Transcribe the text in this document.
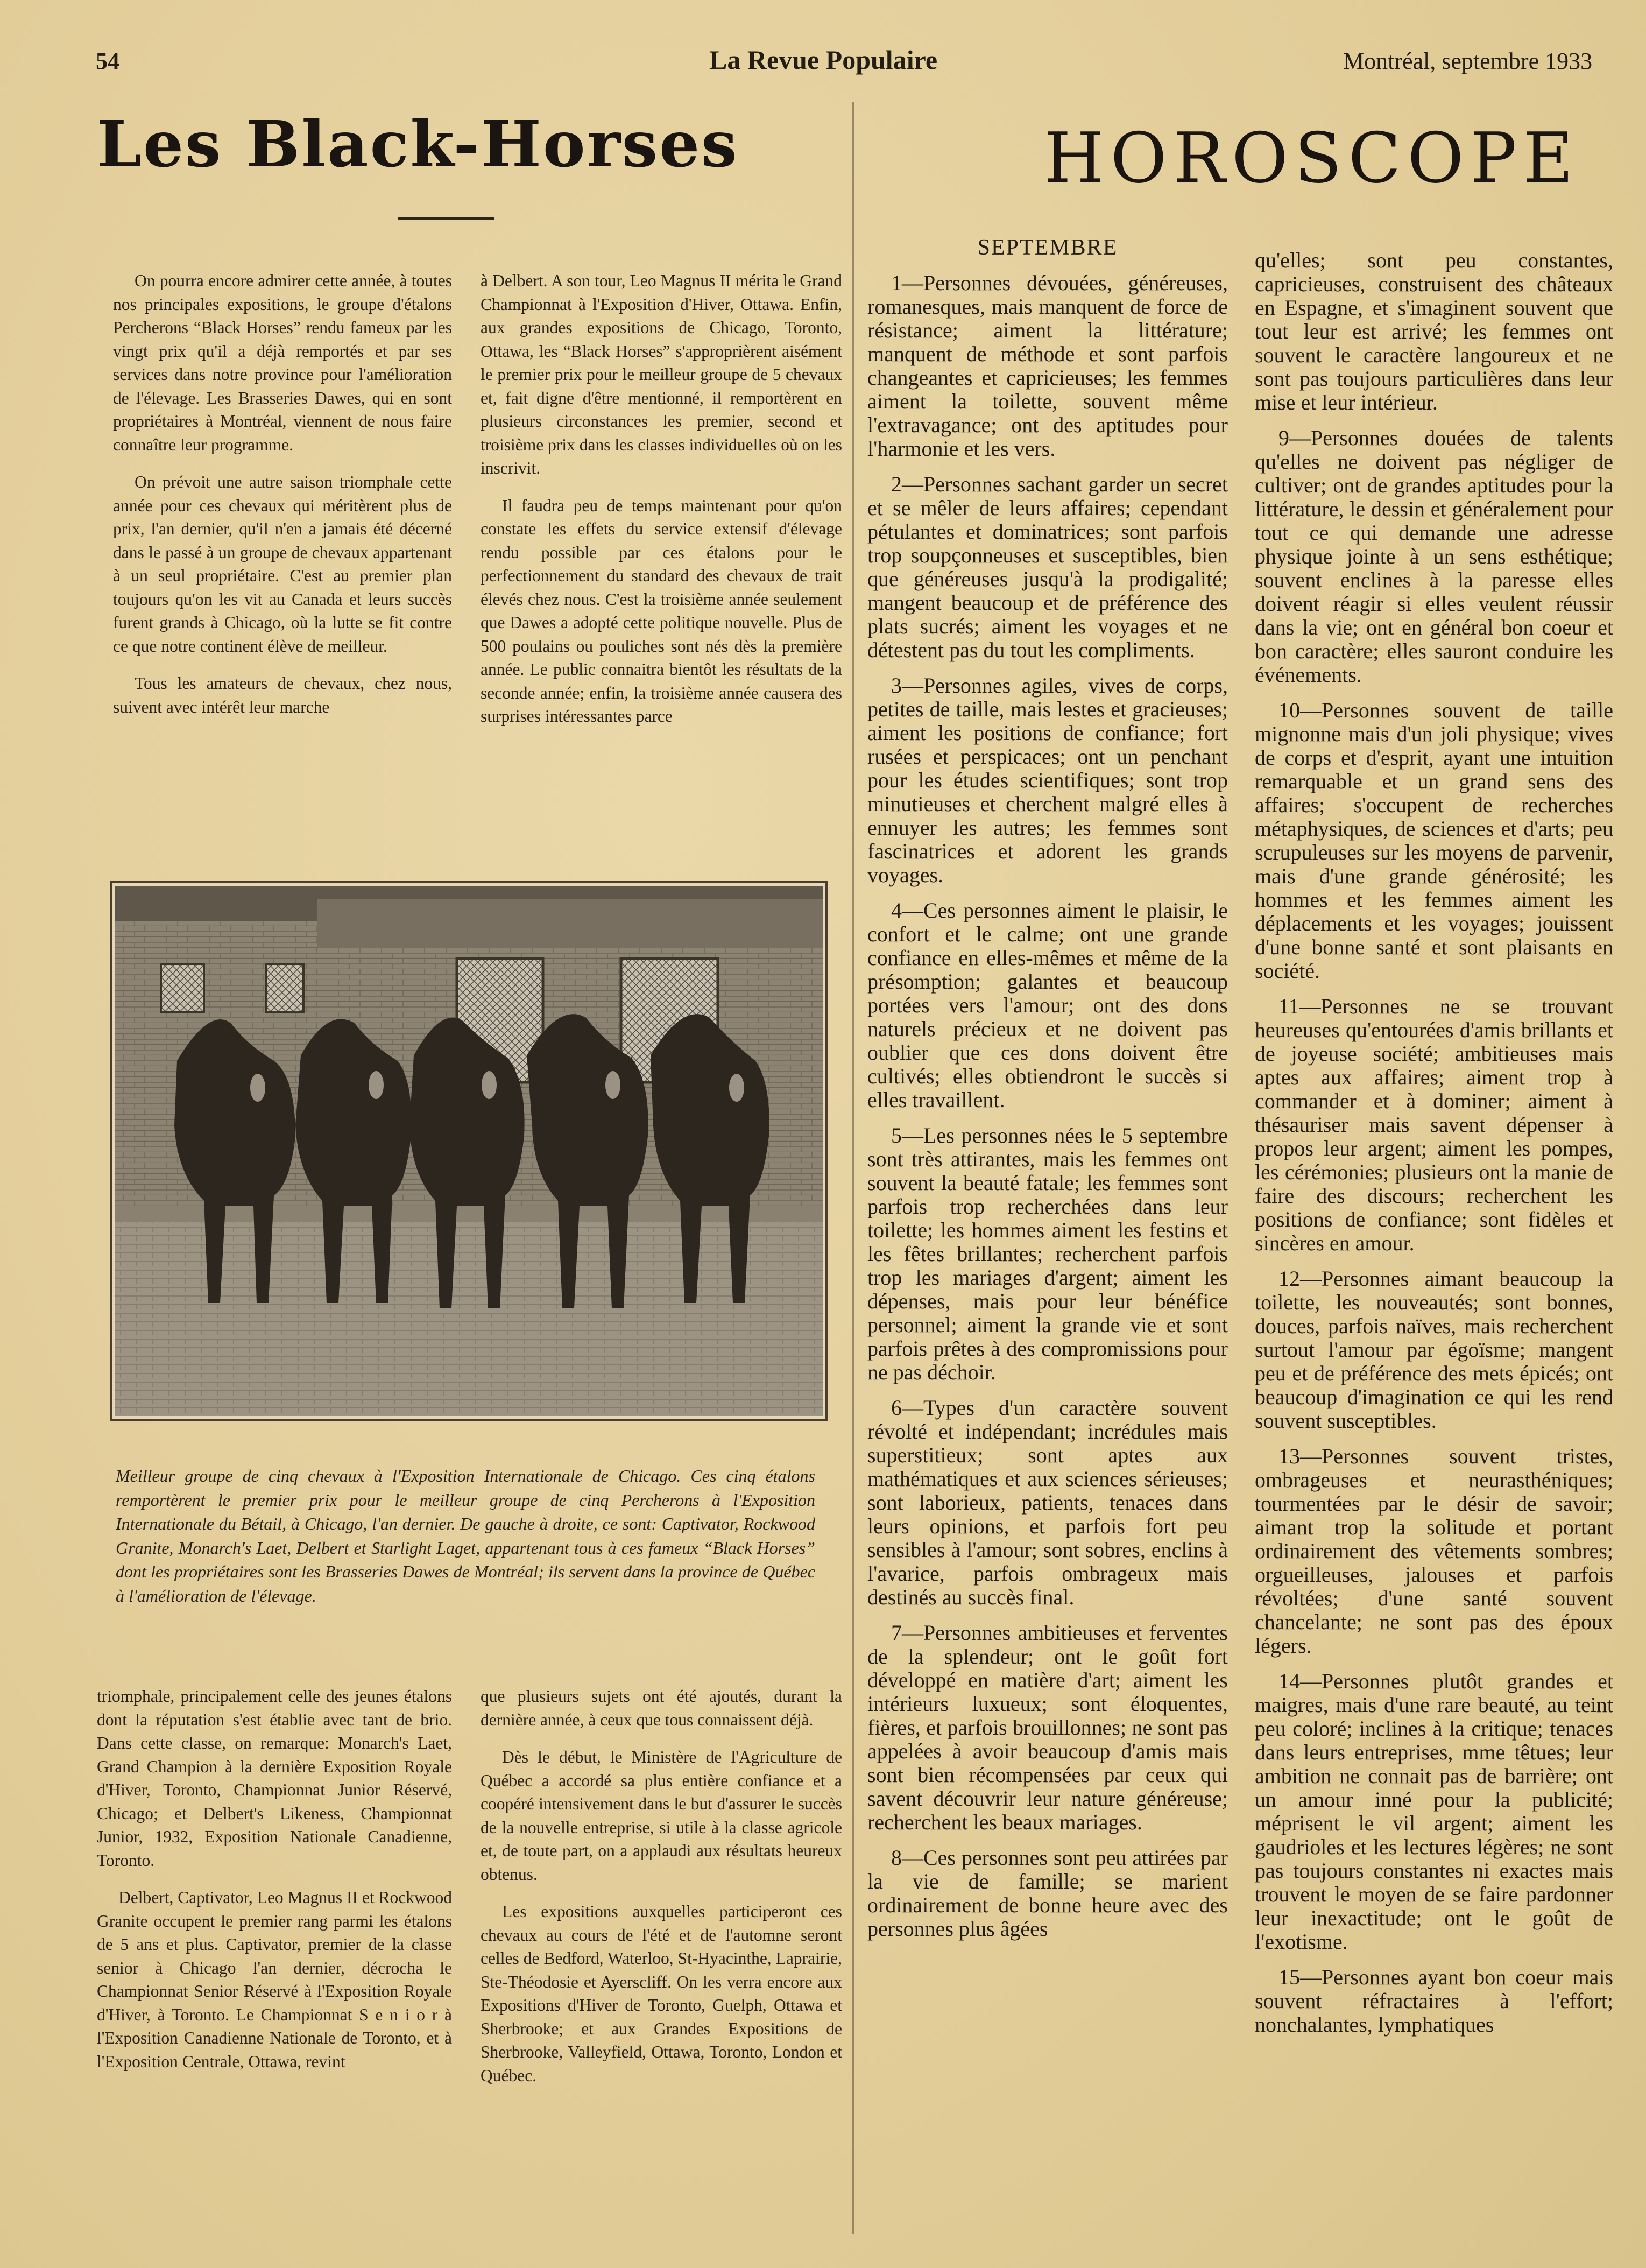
54	La Revue Populaire	Montréal, septembre 1933
Les Black-Horses

On pourra encore admirer cette année, à toutes nos principales expositions, le groupe d'étalons Percherons “Black Horses” rendu fameux par les vingt prix qu'il a déjà remportés et par ses services dans notre province pour l'amélioration de l'élevage. Les Brasseries Dawes, qui en sont propriétaires à Montréal, viennent de nous faire connaître leur programme.

On prévoit une autre saison triomphale cette année pour ces chevaux qui méritèrent plus de prix, l'an dernier, qu'il n'en a jamais été décerné dans le passé à un groupe de chevaux appartenant à un seul propriétaire. C'est au premier plan toujours qu'on les vit au Canada et leurs succès furent grands à Chicago, où la lutte se fit contre ce que notre continent élève de meilleur.

Tous les amateurs de chevaux, chez nous, suivent avec intérêt leur marche

à Delbert. A son tour, Leo Magnus II mérita le Grand Championnat à l'Exposition d'Hiver, Ottawa. Enfin, aux grandes expositions de Chicago, Toronto, Ottawa, les “Black Horses” s'approprièrent aisément le premier prix pour le meilleur groupe de 5 chevaux et, fait digne d'être mentionné, il remportèrent en plusieurs circonstances les premier, second et troisième prix dans les classes individuelles où on les inscrivit.

Il faudra peu de temps maintenant pour qu'on constate les effets du service extensif d'élevage rendu possible par ces étalons pour le perfectionnement du standard des chevaux de trait élevés chez nous. C'est la troisième année seulement que Dawes a adopté cette politique nouvelle. Plus de 500 poulains ou pouliches sont nés dès la première année. Le public connaitra bientôt les résultats de la seconde année; enfin, la troisième année causera des surprises intéressantes parce

Meilleur groupe de cinq chevaux à l'Exposition Internationale de Chicago. Ces cinq étalons remportèrent le premier prix pour le meilleur groupe de cinq Percherons à l'Exposition Internationale du Bétail, à Chicago, l'an dernier. De gauche à droite, ce sont: Captivator, Rockwood Granite, Monarch's Laet, Delbert et Starlight Laget, appartenant tous à ces fameux “Black Horses” dont les propriétaires sont les Brasseries Dawes de Montréal; ils servent dans la province de Québec à l'amélioration de l'élevage.

triomphale, principalement celle des jeunes étalons dont la réputation s'est établie avec tant de brio. Dans cette classe, on remarque: Monarch's Laet, Grand Champion à la dernière Exposition Royale d'Hiver, Toronto, Championnat Junior Réservé, Chicago; et Delbert's Likeness, Championnat Junior, 1932, Exposition Nationale Canadienne, Toronto.

Delbert, Captivator, Leo Magnus II et Rockwood Granite occupent le premier rang parmi les étalons de 5 ans et plus. Captivator, premier de la classe senior à Chicago l'an dernier, décrocha le Championnat Senior Réservé à l'Exposition Royale d'Hiver, à Toronto. Le Championnat S e n i o r à l'Exposition Canadienne Nationale de Toronto, et à l'Exposition Centrale, Ottawa, revint

que plusieurs sujets ont été ajoutés, durant la dernière année, à ceux que tous connaissent déjà.

Dès le début, le Ministère de l'Agriculture de Québec a accordé sa plus entière confiance et a coopéré intensivement dans le but d'assurer le succès de la nouvelle entreprise, si utile à la classe agricole et, de toute part, on a applaudi aux résultats heureux obtenus.

Les expositions auxquelles participeront ces chevaux au cours de l'été et de l'automne seront celles de Bedford, Waterloo, St-Hyacinthe, Laprairie, Ste-Théodosie et Ayerscliff. On les verra encore aux Expositions d'Hiver de Toronto, Guelph, Ottawa et Sherbrooke; et aux Grandes Expositions de Sherbrooke, Valleyfield, Ottawa, Toronto, London et Québec.

HOROSCOPE
SEPTEMBRE

1—Personnes dévouées, généreuses, romanesques, mais manquent de force de résistance; aiment la littérature; manquent de méthode et sont parfois changeantes et capricieuses; les femmes aiment la toilette, souvent même l'extravagance; ont des aptitudes pour l'harmonie et les vers.

2—Personnes sachant garder un secret et se mêler de leurs affaires; cependant pétulantes et dominatrices; sont parfois trop soupçonneuses et susceptibles, bien que généreuses jusqu'à la prodigalité; mangent beaucoup et de préférence des plats sucrés; aiment les voyages et ne détestent pas du tout les compliments.

3—Personnes agiles, vives de corps, petites de taille, mais lestes et gracieuses; aiment les positions de confiance; fort rusées et perspicaces; ont un penchant pour les études scientifiques; sont trop minutieuses et cherchent malgré elles à ennuyer les autres; les femmes sont fascinatrices et adorent les grands voyages.

4—Ces personnes aiment le plaisir, le confort et le calme; ont une grande confiance en elles-mêmes et même de la présomption; galantes et beaucoup portées vers l'amour; ont des dons naturels précieux et ne doivent pas oublier que ces dons doivent être cultivés; elles obtiendront le succès si elles travaillent.

5—Les personnes nées le 5 septembre sont très attirantes, mais les femmes ont souvent la beauté fatale; les femmes sont parfois trop recherchées dans leur toilette; les hommes aiment les festins et les fêtes brillantes; recherchent parfois trop les mariages d'argent; aiment les dépenses, mais pour leur bénéfice personnel; aiment la grande vie et sont parfois prêtes à des compromissions pour ne pas déchoir.

6—Types d'un caractère souvent révolté et indépendant; incrédules mais superstitieux; sont aptes aux mathématiques et aux sciences sérieuses; sont laborieux, patients, tenaces dans leurs opinions, et parfois fort peu sensibles à l'amour; sont sobres, enclins à l'avarice, parfois ombrageux mais destinés au succès final.

7—Personnes ambitieuses et ferventes de la splendeur; ont le goût fort développé en matière d'art; aiment les intérieurs luxueux; sont éloquentes, fières, et parfois brouillonnes; ne sont pas appelées à avoir beaucoup d'amis mais sont bien récompensées par ceux qui savent découvrir leur nature généreuse; recherchent les beaux mariages.

8—Ces personnes sont peu attirées par la vie de famille; se marient ordinairement de bonne heure avec des personnes plus âgées

qu'elles; sont peu constantes, capricieuses, construisent des châteaux en Espagne, et s'imaginent souvent que tout leur est arrivé; les femmes ont souvent le caractère langoureux et ne sont pas toujours particulières dans leur mise et leur intérieur.

9—Personnes douées de talents qu'elles ne doivent pas négliger de cultiver; ont de grandes aptitudes pour la littérature, le dessin et généralement pour tout ce qui demande une adresse physique jointe à un sens esthétique; souvent enclines à la paresse elles doivent réagir si elles veulent réussir dans la vie; ont en général bon coeur et bon caractère; elles sauront conduire les événements.

10—Personnes souvent de taille mignonne mais d'un joli physique; vives de corps et d'esprit, ayant une intuition remarquable et un grand sens des affaires; s'occupent de recherches métaphysiques, de sciences et d'arts; peu scrupuleuses sur les moyens de parvenir, mais d'une grande générosité; les hommes et les femmes aiment les déplacements et les voyages; jouissent d'une bonne santé et sont plaisants en société.

11—Personnes ne se trouvant heureuses qu'entourées d'amis brillants et de joyeuse société; ambitieuses mais aptes aux affaires; aiment trop à commander et à dominer; aiment à thésauriser mais savent dépenser à propos leur argent; aiment les pompes, les cérémonies; plusieurs ont la manie de faire des discours; recherchent les positions de confiance; sont fidèles et sincères en amour.

12—Personnes aimant beaucoup la toilette, les nouveautés; sont bonnes, douces, parfois naïves, mais recherchent surtout l'amour par égoïsme; mangent peu et de préférence des mets épicés; ont beaucoup d'imagination ce qui les rend souvent susceptibles.

13—Personnes souvent tristes, ombrageuses et neurasthéniques; tourmentées par le désir de savoir; aimant trop la solitude et portant ordinairement des vêtements sombres; orgueilleuses, jalouses et parfois révoltées; d'une santé souvent chancelante; ne sont pas des époux légers.

14—Personnes plutôt grandes et maigres, mais d'une rare beauté, au teint peu coloré; inclines à la critique; tenaces dans leurs entreprises, mme têtues; leur ambition ne connait pas de barrière; ont un amour inné pour la publicité; méprisent le vil argent; aiment les gaudrioles et les lectures légères; ne sont pas toujours constantes ni exactes mais trouvent le moyen de se faire pardonner leur inexactitude; ont le goût de l'exotisme.

15—Personnes ayant bon coeur mais souvent réfractaires à l'effort; nonchalantes, lymphatiques
